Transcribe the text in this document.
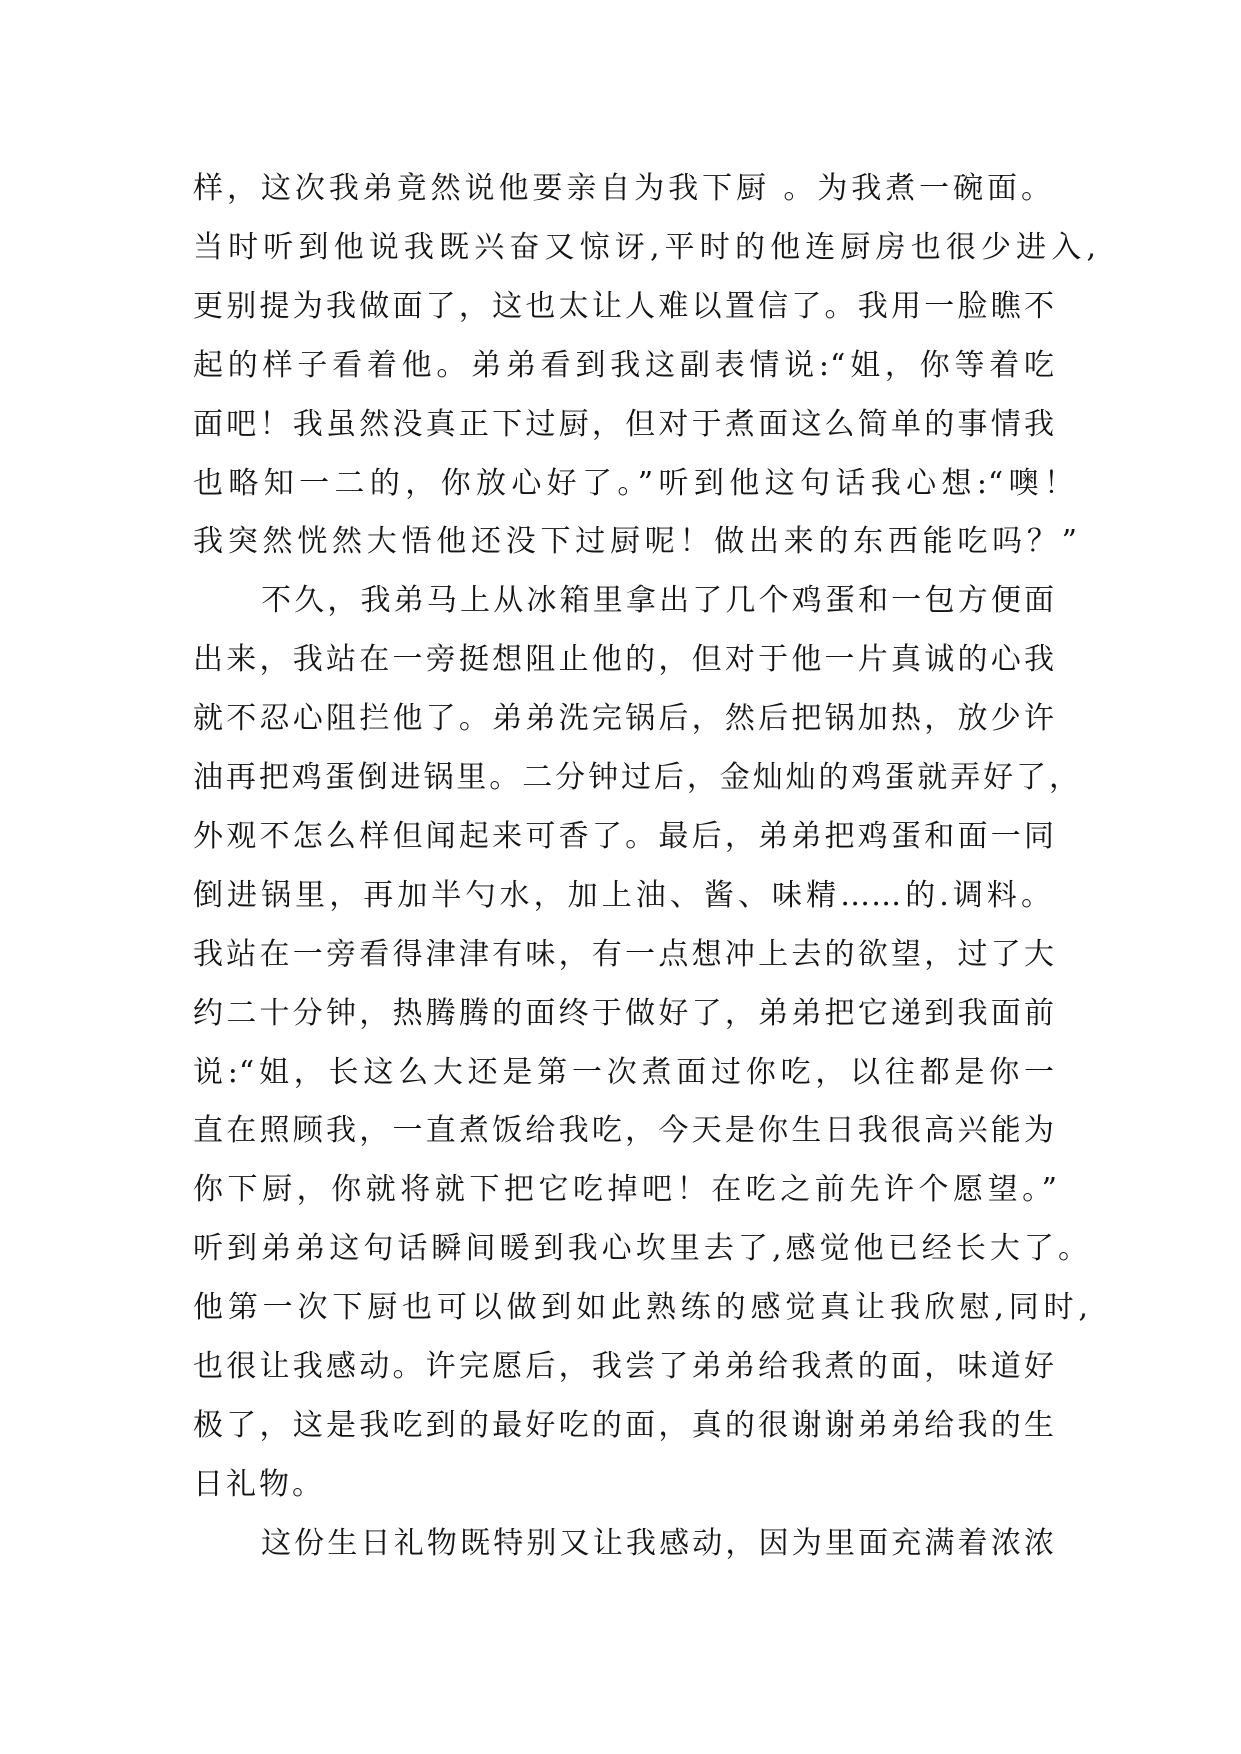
样，这次我弟竟然说他要亲自为我下厨 。为我煮一碗面。
当时听到他说我既兴奋又惊讶,平时的他连厨房也很少进入,
更别提为我做面了，这也太让人难以置信了。我用一脸瞧不
起的样子看着他。弟弟看到我这副表情说:“姐，你等着吃
面吧！我虽然没真正下过厨，但对于煮面这么简单的事情我
也略知一二的，你放心好了。”听到他这句话我心想:“噢！
我突然恍然大悟他还没下过厨呢！做出来的东西能吃吗？”
不久，我弟马上从冰箱里拿出了几个鸡蛋和一包方便面
出来，我站在一旁挺想阻止他的，但对于他一片真诚的心我
就不忍心阻拦他了。弟弟洗完锅后，然后把锅加热，放少许
油再把鸡蛋倒进锅里。二分钟过后，金灿灿的鸡蛋就弄好了，
外观不怎么样但闻起来可香了。最后，弟弟把鸡蛋和面一同
倒进锅里，再加半勺水，加上油、酱、味精……的.调料。
我站在一旁看得津津有味，有一点想冲上去的欲望，过了大
约二十分钟，热腾腾的面终于做好了，弟弟把它递到我面前
说:“姐，长这么大还是第一次煮面过你吃，以往都是你一
直在照顾我，一直煮饭给我吃，今天是你生日我很高兴能为
你下厨，你就将就下把它吃掉吧！在吃之前先许个愿望。”
听到弟弟这句话瞬间暖到我心坎里去了,感觉他已经长大了。
他第一次下厨也可以做到如此熟练的感觉真让我欣慰,同时,
也很让我感动。许完愿后，我尝了弟弟给我煮的面，味道好
极了，这是我吃到的最好吃的面，真的很谢谢弟弟给我的生
日礼物。
这份生日礼物既特别又让我感动，因为里面充满着浓浓
